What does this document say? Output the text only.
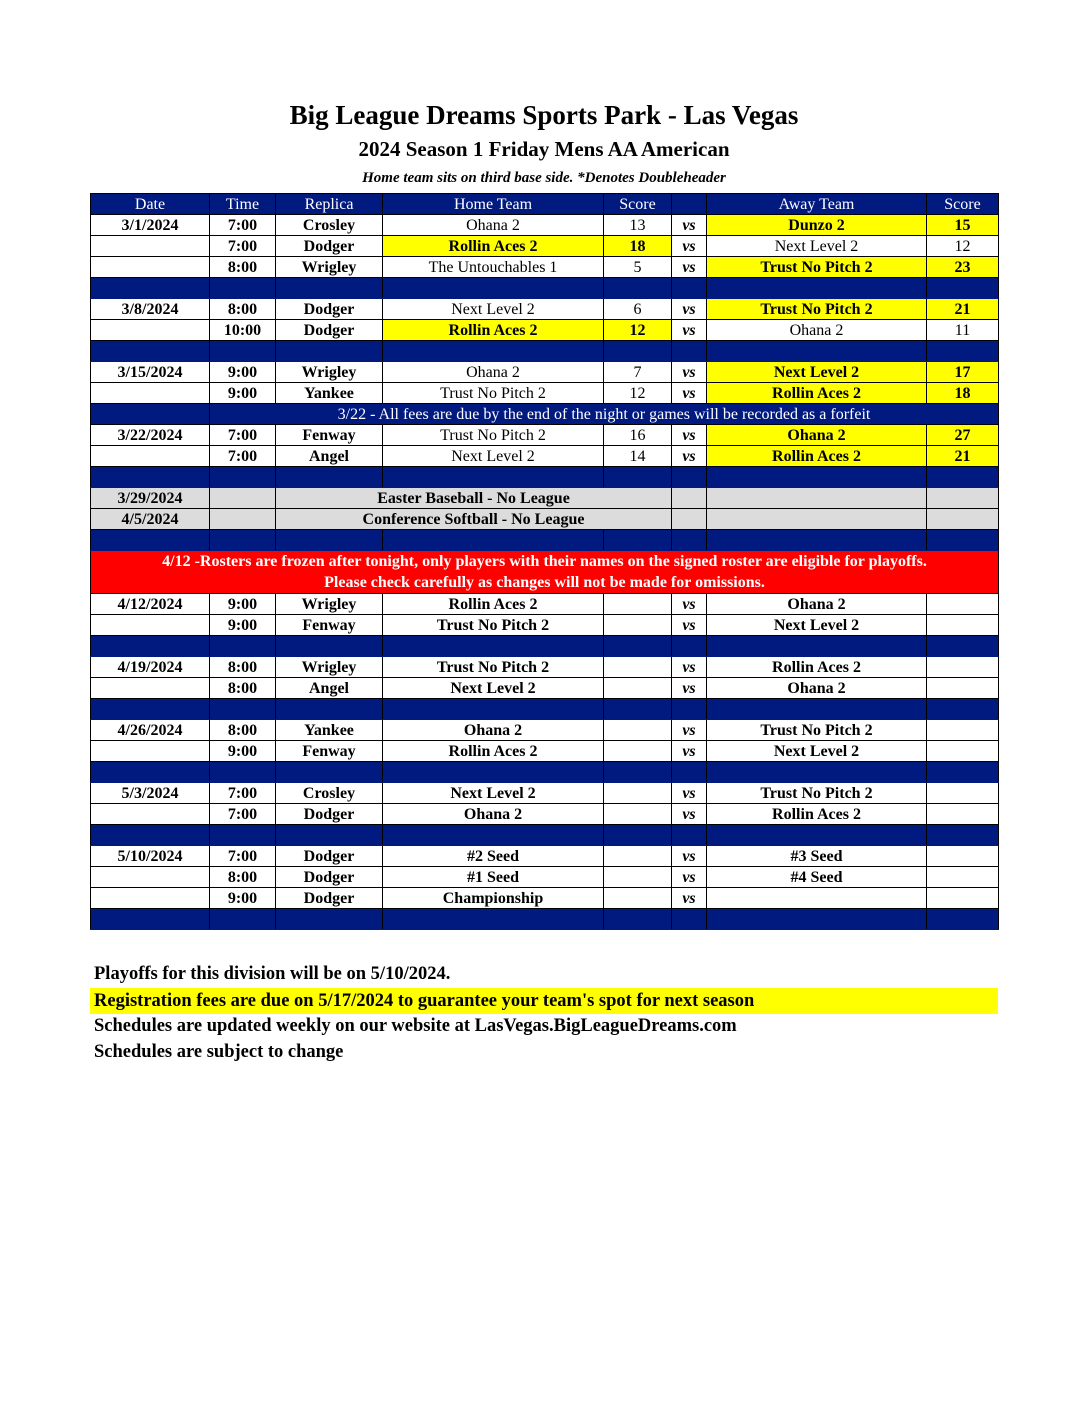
Big League Dreams Sports Park - Las Vegas
2024 Season 1 Friday Mens AA American
Home team sits on third base side. *Denotes Doubleheader
Date	Time	Replica	Home Team	Score		Away Team	Score
3/1/2024	7:00	Crosley	Ohana 2	13	vs	Dunzo 2	15
	7:00	Dodger	Rollin Aces 2	18	vs	Next Level 2	12
	8:00	Wrigley	The Untouchables 1	5	vs	Trust No Pitch 2	23

3/8/2024	8:00	Dodger	Next Level 2	6	vs	Trust No Pitch 2	21
	10:00	Dodger	Rollin Aces 2	12	vs	Ohana 2	11

3/15/2024	9:00	Wrigley	Ohana 2	7	vs	Next Level 2	17
	9:00	Yankee	Trust No Pitch 2	12	vs	Rollin Aces 2	18
	3/22 - All fees are due by the end of the night or games will be recorded as a forfeit						
3/22/2024	7:00	Fenway	Trust No Pitch 2	16	vs	Ohana 2	27
	7:00	Angel	Next Level 2	14	vs	Rollin Aces 2	21

3/29/2024		Easter Baseball - No League					
4/5/2024		Conference Softball - No League					

4/12 -Rosters are frozen after tonight, only players with their names on the signed roster are eligible for playoffs.
Please check carefully as changes will not be made for omissions.							

4/12/2024	9:00	Wrigley	Rollin Aces 2		vs	Ohana 2	
	9:00	Fenway	Trust No Pitch 2		vs	Next Level 2	

4/19/2024	8:00	Wrigley	Trust No Pitch 2		vs	Rollin Aces 2	
	8:00	Angel	Next Level 2		vs	Ohana 2	

4/26/2024	8:00	Yankee	Ohana 2		vs	Trust No Pitch 2	
	9:00	Fenway	Rollin Aces 2		vs	Next Level 2	

5/3/2024	7:00	Crosley	Next Level 2		vs	Trust No Pitch 2	
	7:00	Dodger	Ohana 2		vs	Rollin Aces 2	

5/10/2024	7:00	Dodger	#2 Seed		vs	#3 Seed	
	8:00	Dodger	#1 Seed		vs	#4 Seed	
	9:00	Dodger	Championship		vs		

Playoffs for this division will be on 5/10/2024.
Registration fees are due on 5/17/2024 to guarantee your team's spot for next season
Schedules are updated weekly on our website at LasVegas.BigLeagueDreams.com
Schedules are subject to change
